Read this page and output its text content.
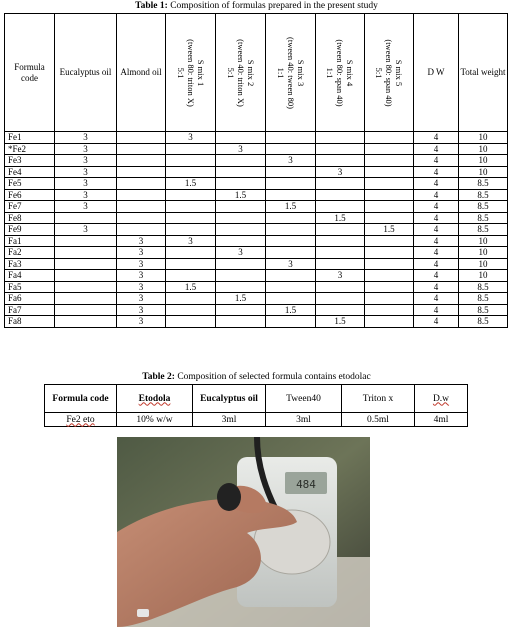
Table 1: Composition of formulas prepared in the present study
Formula code	Eucalyptus oil	Almond oil	S mix 1
(tween 80: triton X)
5:1	S mix 2
(tween 40: triton X)
5:1	S mix 3
(tween 40: tween 80)
1:1	S mix 4
(tween 80: span 40)
1:1	S mix 5
(tween 80: span 40)
5:1	D W	Total weight
Fe1	3		3					4	10
*Fe2	3			3				4	10
Fe3	3				3			4	10
Fe4	3					3		4	10
Fe5	3		1.5					4	8.5
Fe6	3			1.5				4	8.5
Fe7	3				1.5			4	8.5
Fe8						1.5		4	8.5
Fe9	3						1.5	4	8.5
Fa1		3	3					4	10
Fa2		3		3				4	10
Fa3		3			3			4	10
Fa4		3				3		4	10
Fa5		3	1.5					4	8.5
Fa6		3		1.5				4	8.5
Fa7		3			1.5			4	8.5
Fa8		3				1.5		4	8.5
Table 2: Composition of selected formula contains etodolac
Formula code	Etodola	Eucalyptus oil	Tween40	Triton x	D.w
Fe2 eto	10% w/w	3ml	3ml	0.5ml	4ml
484
